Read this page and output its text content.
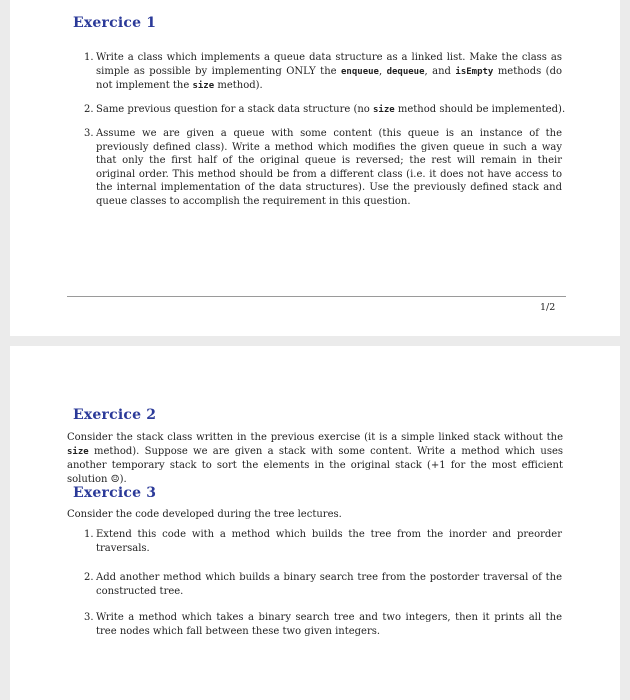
Exercice 1
1. Write a class which implements a queue data structure as a linked list. Make the class as simple as possible by implementing ONLY the enqueue, dequeue, and isEmpty methods (do not implement the size method).
2. Same previous question for a stack data structure (no size method should be implemented).
3. Assume we are given a queue with some content (this queue is an instance of the previously defined class). Write a method which modifies the given queue in such a way that only the first half of the original queue is reversed; the rest will remain in their original order. This method should be from a different class (i.e. it does not have access to the internal implementation of the data structures). Use the previously defined stack and queue classes to accomplish the requirement in this question.
1/2
Exercice 2
Consider the stack class written in the previous exercise (it is a simple linked stack without the size method). Suppose we are given a stack with some content. Write a method which uses another temporary stack to sort the elements in the original stack (+1 for the most efficient solution ☺).
Exercice 3
Consider the code developed during the tree lectures.
1. Extend this code with a method which builds the tree from the inorder and preorder traversals.
2. Add another method which builds a binary search tree from the postorder traversal of the constructed tree.
3. Write a method which takes a binary search tree and two integers, then it prints all the tree nodes which fall between these two given integers.
